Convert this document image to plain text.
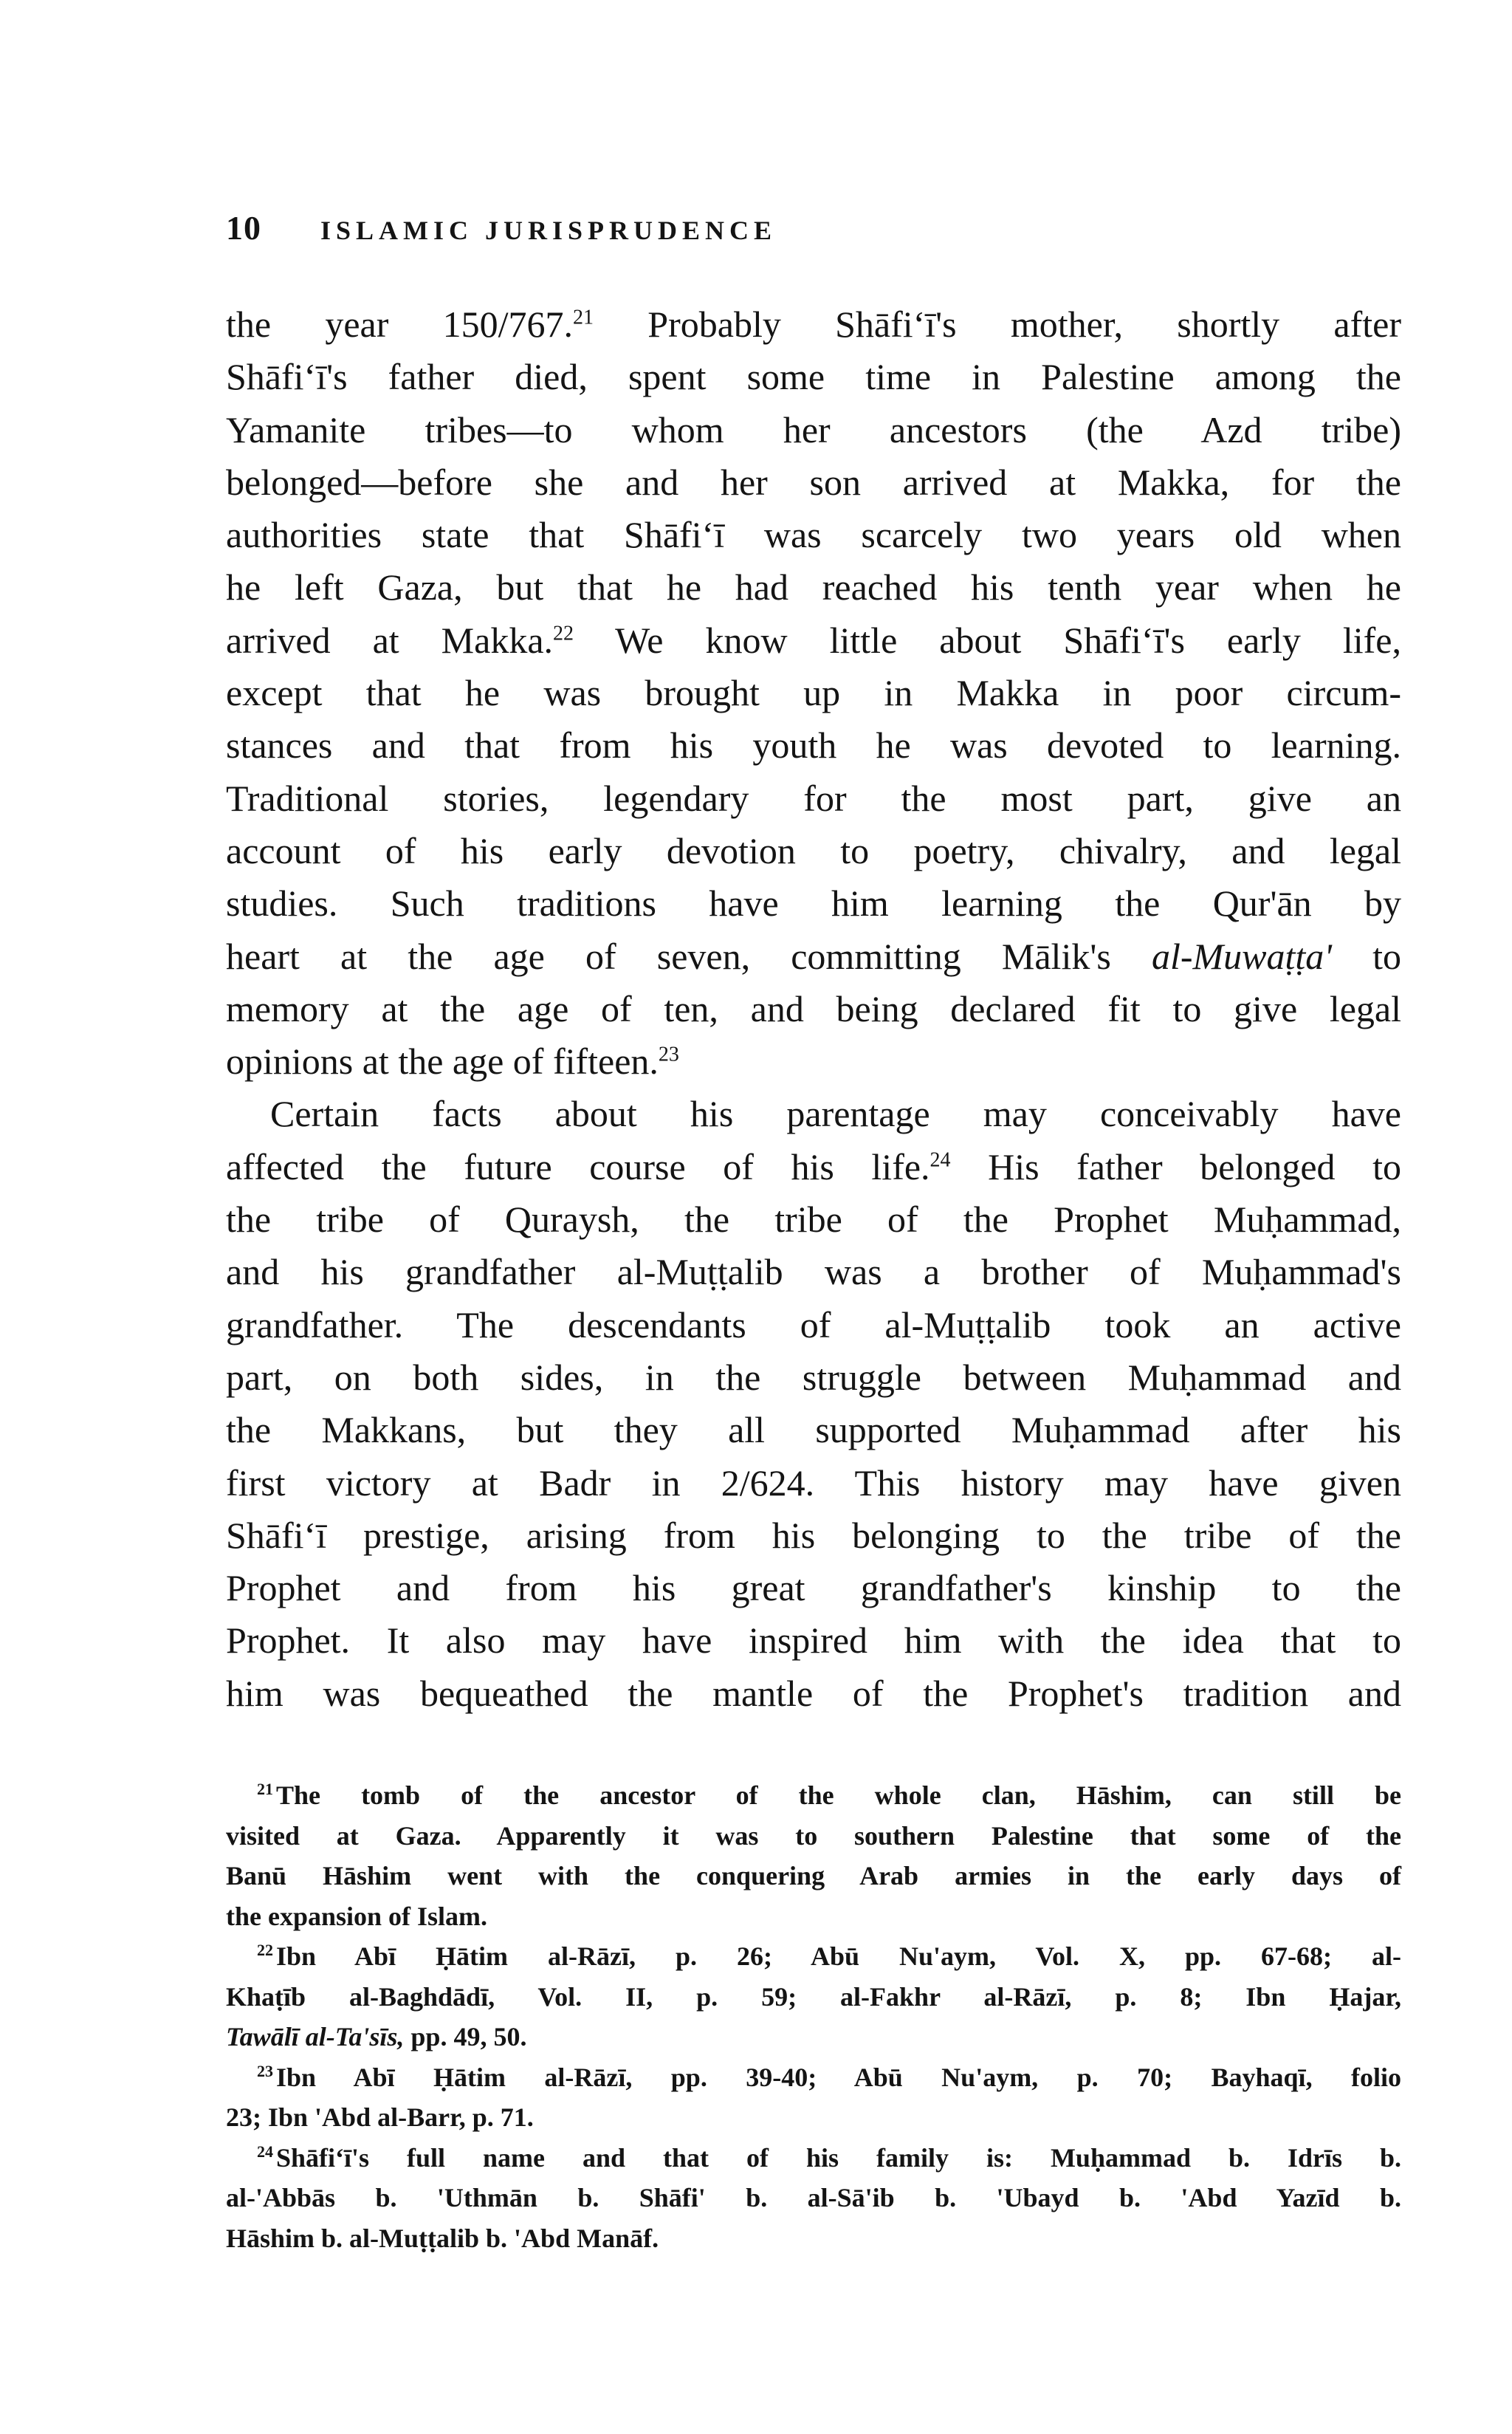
10 ISLAMIC JURISPRUDENCE
the year 150/767.21 Probably Shāfi‘ī's mother, shortly after
Shāfi‘ī's father died, spent some time in Palestine among the
Yamanite tribes—to whom her ancestors (the Azd tribe)
belonged—before she and her son arrived at Makka, for the
authorities state that Shāfi‘ī was scarcely two years old when
he left Gaza, but that he had reached his tenth year when he
arrived at Makka.$^{22}$ We know little about Shāfi‘ī's early life,
except that he was brought up in Makka in poor circum-
stances and that from his youth he was devoted to learning.
Traditional stories, legendary for the most part, give an
account of his early devotion to poetry, chivalry, and legal
studies. Such traditions have him learning the Qur'ān by
heart at the age of seven, committing Mālik's al-Muwaṭṭa' to
memory at the age of ten, and being declared fit to give legal
opinions at the age of fifteen.$^{23}$
Certain facts about his parentage may conceivably have
affected the future course of his life.$^{24}$ His father belonged to
the tribe of Quraysh, the tribe of the Prophet Muḥammad,
and his grandfather al-Muṭṭalib was a brother of Muḥammad's
grandfather. The descendants of al-Muṭṭalib took an active
part, on both sides, in the struggle between Muḥammad and
the Makkans, but they all supported Muḥammad after his
first victory at Badr in 2/624. This history may have given
Shāfi‘ī prestige, arising from his belonging to the tribe of the
Prophet and from his great grandfather's kinship to the
Prophet. It also may have inspired him with the idea that to
him was bequeathed the mantle of the Prophet's tradition and
$^{21}$ The tomb of the ancestor of the whole clan, Hāshim, can still be
visited at Gaza. Apparently it was to southern Palestine that some of the
Banū Hāshim went with the conquering Arab armies in the early days of
the expansion of Islam.
$^{22}$ Ibn Abī Ḥātim al-Rāzī, p. 26; Abū Nu'aym, Vol. X, pp. 67-68; al-
Khaṭīb al-Baghdādī, Vol. II, p. 59; al-Fakhr al-Rāzī, p. 8; Ibn Ḥajar,
Tawālī al-Ta'sīs, pp. 49, 50.
$^{23}$ Ibn Abī Ḥātim al-Rāzī, pp. 39-40; Abū Nu'aym, p. 70; Bayhaqī, folio
23; Ibn 'Abd al-Barr, p. 71.
$^{24}$ Shāfi‘ī's full name and that of his family is: Muḥammad b. Idrīs b.
al-'Abbās b. 'Uthmān b. Shāfi' b. al-Sā'ib b. 'Ubayd b. 'Abd Yazīd b.
Hāshim b. al-Muṭṭalib b. 'Abd Manāf.
